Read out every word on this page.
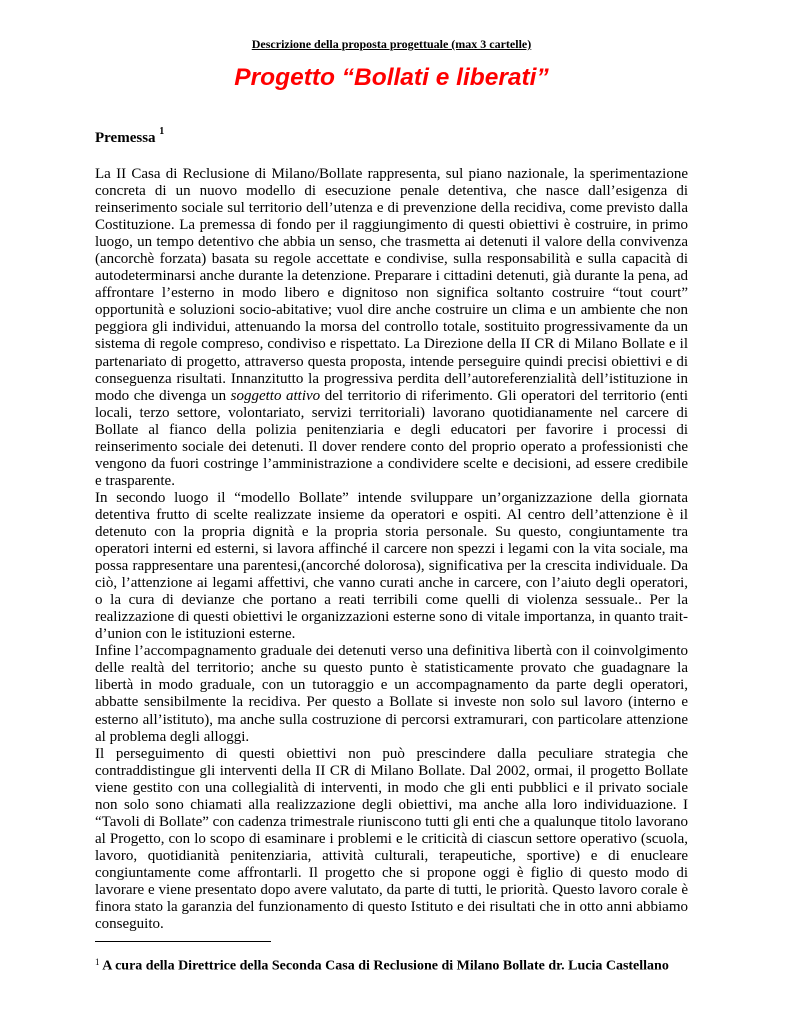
Descrizione della proposta progettuale (max 3 cartelle)
Progetto “Bollati e liberati”
Premessa $^1$

La II Casa di Reclusione di Milano/Bollate rappresenta, sul piano nazionale, la sperimentazione concreta di un nuovo modello di esecuzione penale detentiva, che nasce dall’esigenza di reinserimento sociale sul territorio dell’utenza e di prevenzione della recidiva, come previsto dalla Costituzione. La premessa di fondo per il raggiungimento di questi obiettivi è costruire, in primo luogo, un tempo detentivo che abbia un senso, che trasmetta ai detenuti il valore della convivenza (ancorchè forzata) basata su regole accettate e condivise, sulla responsabilità e sulla capacità di autodeterminarsi anche durante la detenzione. Preparare i cittadini detenuti, già durante la pena, ad affrontare l’esterno in modo libero e dignitoso non significa soltanto costruire “tout court” opportunità e soluzioni socio-abitative; vuol dire anche costruire un clima e un ambiente che non peggiora gli individui, attenuando la morsa del controllo totale, sostituito progressivamente da un sistema di regole compreso, condiviso e rispettato. La Direzione della II CR di Milano Bollate e il partenariato di progetto, attraverso questa proposta, intende perseguire quindi precisi obiettivi e di conseguenza risultati. Innanzitutto la progressiva perdita dell’autoreferenzialità dell’istituzione in modo che divenga un soggetto attivo del territorio di riferimento. Gli operatori del territorio (enti locali, terzo settore, volontariato, servizi territoriali) lavorano quotidianamente nel carcere di Bollate al fianco della polizia penitenziaria e degli educatori per favorire i processi di reinserimento sociale dei detenuti. Il dover rendere conto del proprio operato a professionisti che vengono da fuori costringe l’amministrazione a condividere scelte e decisioni, ad essere credibile e trasparente.

In secondo luogo il “modello Bollate” intende sviluppare un’organizzazione della giornata detentiva frutto di scelte realizzate insieme da operatori e ospiti. Al centro dell’attenzione è il detenuto con la propria dignità e la propria storia personale. Su questo, congiuntamente tra operatori interni ed esterni, si lavora affinché il carcere non spezzi i legami con la vita sociale, ma possa rappresentare una parentesi,(ancorché dolorosa), significativa per la crescita individuale. Da ciò, l’attenzione ai legami affettivi, che vanno curati anche in carcere, con l’aiuto degli operatori, o la cura di devianze che portano a reati terribili come quelli di violenza sessuale.. Per la realizzazione di questi obiettivi le organizzazioni esterne sono di vitale importanza, in quanto trait-d’union con le istituzioni esterne.

Infine l’accompagnamento graduale dei detenuti verso una definitiva libertà con il coinvolgimento delle realtà del territorio; anche su questo punto è statisticamente provato che guadagnare la libertà in modo graduale, con un tutoraggio e un accompagnamento da parte degli operatori, abbatte sensibilmente la recidiva. Per questo a Bollate si investe non solo sul lavoro (interno e esterno all’istituto), ma anche sulla costruzione di percorsi extramurari, con particolare attenzione al problema degli alloggi.

Il perseguimento di questi obiettivi non può prescindere dalla peculiare strategia che contraddistingue gli interventi della II CR di Milano Bollate. Dal 2002, ormai, il progetto Bollate viene gestito con una collegialità di interventi, in modo che gli enti pubblici e il privato sociale non solo sono chiamati alla realizzazione degli obiettivi, ma anche alla loro individuazione. I “Tavoli di Bollate” con cadenza trimestrale riuniscono tutti gli enti che a qualunque titolo lavorano al Progetto, con lo scopo di esaminare i problemi e le criticità di ciascun settore operativo (scuola, lavoro, quotidianità penitenziaria, attività culturali, terapeutiche, sportive) e di enucleare congiuntamente come affrontarli. Il progetto che si propone oggi è figlio di questo modo di lavorare e viene presentato dopo avere valutato, da parte di tutti, le priorità. Questo lavoro corale è finora stato la garanzia del funzionamento di questo Istituto e dei risultati che in otto anni abbiamo conseguito.

$^1$ A cura della Direttrice della Seconda Casa di Reclusione di Milano Bollate dr. Lucia Castellano
